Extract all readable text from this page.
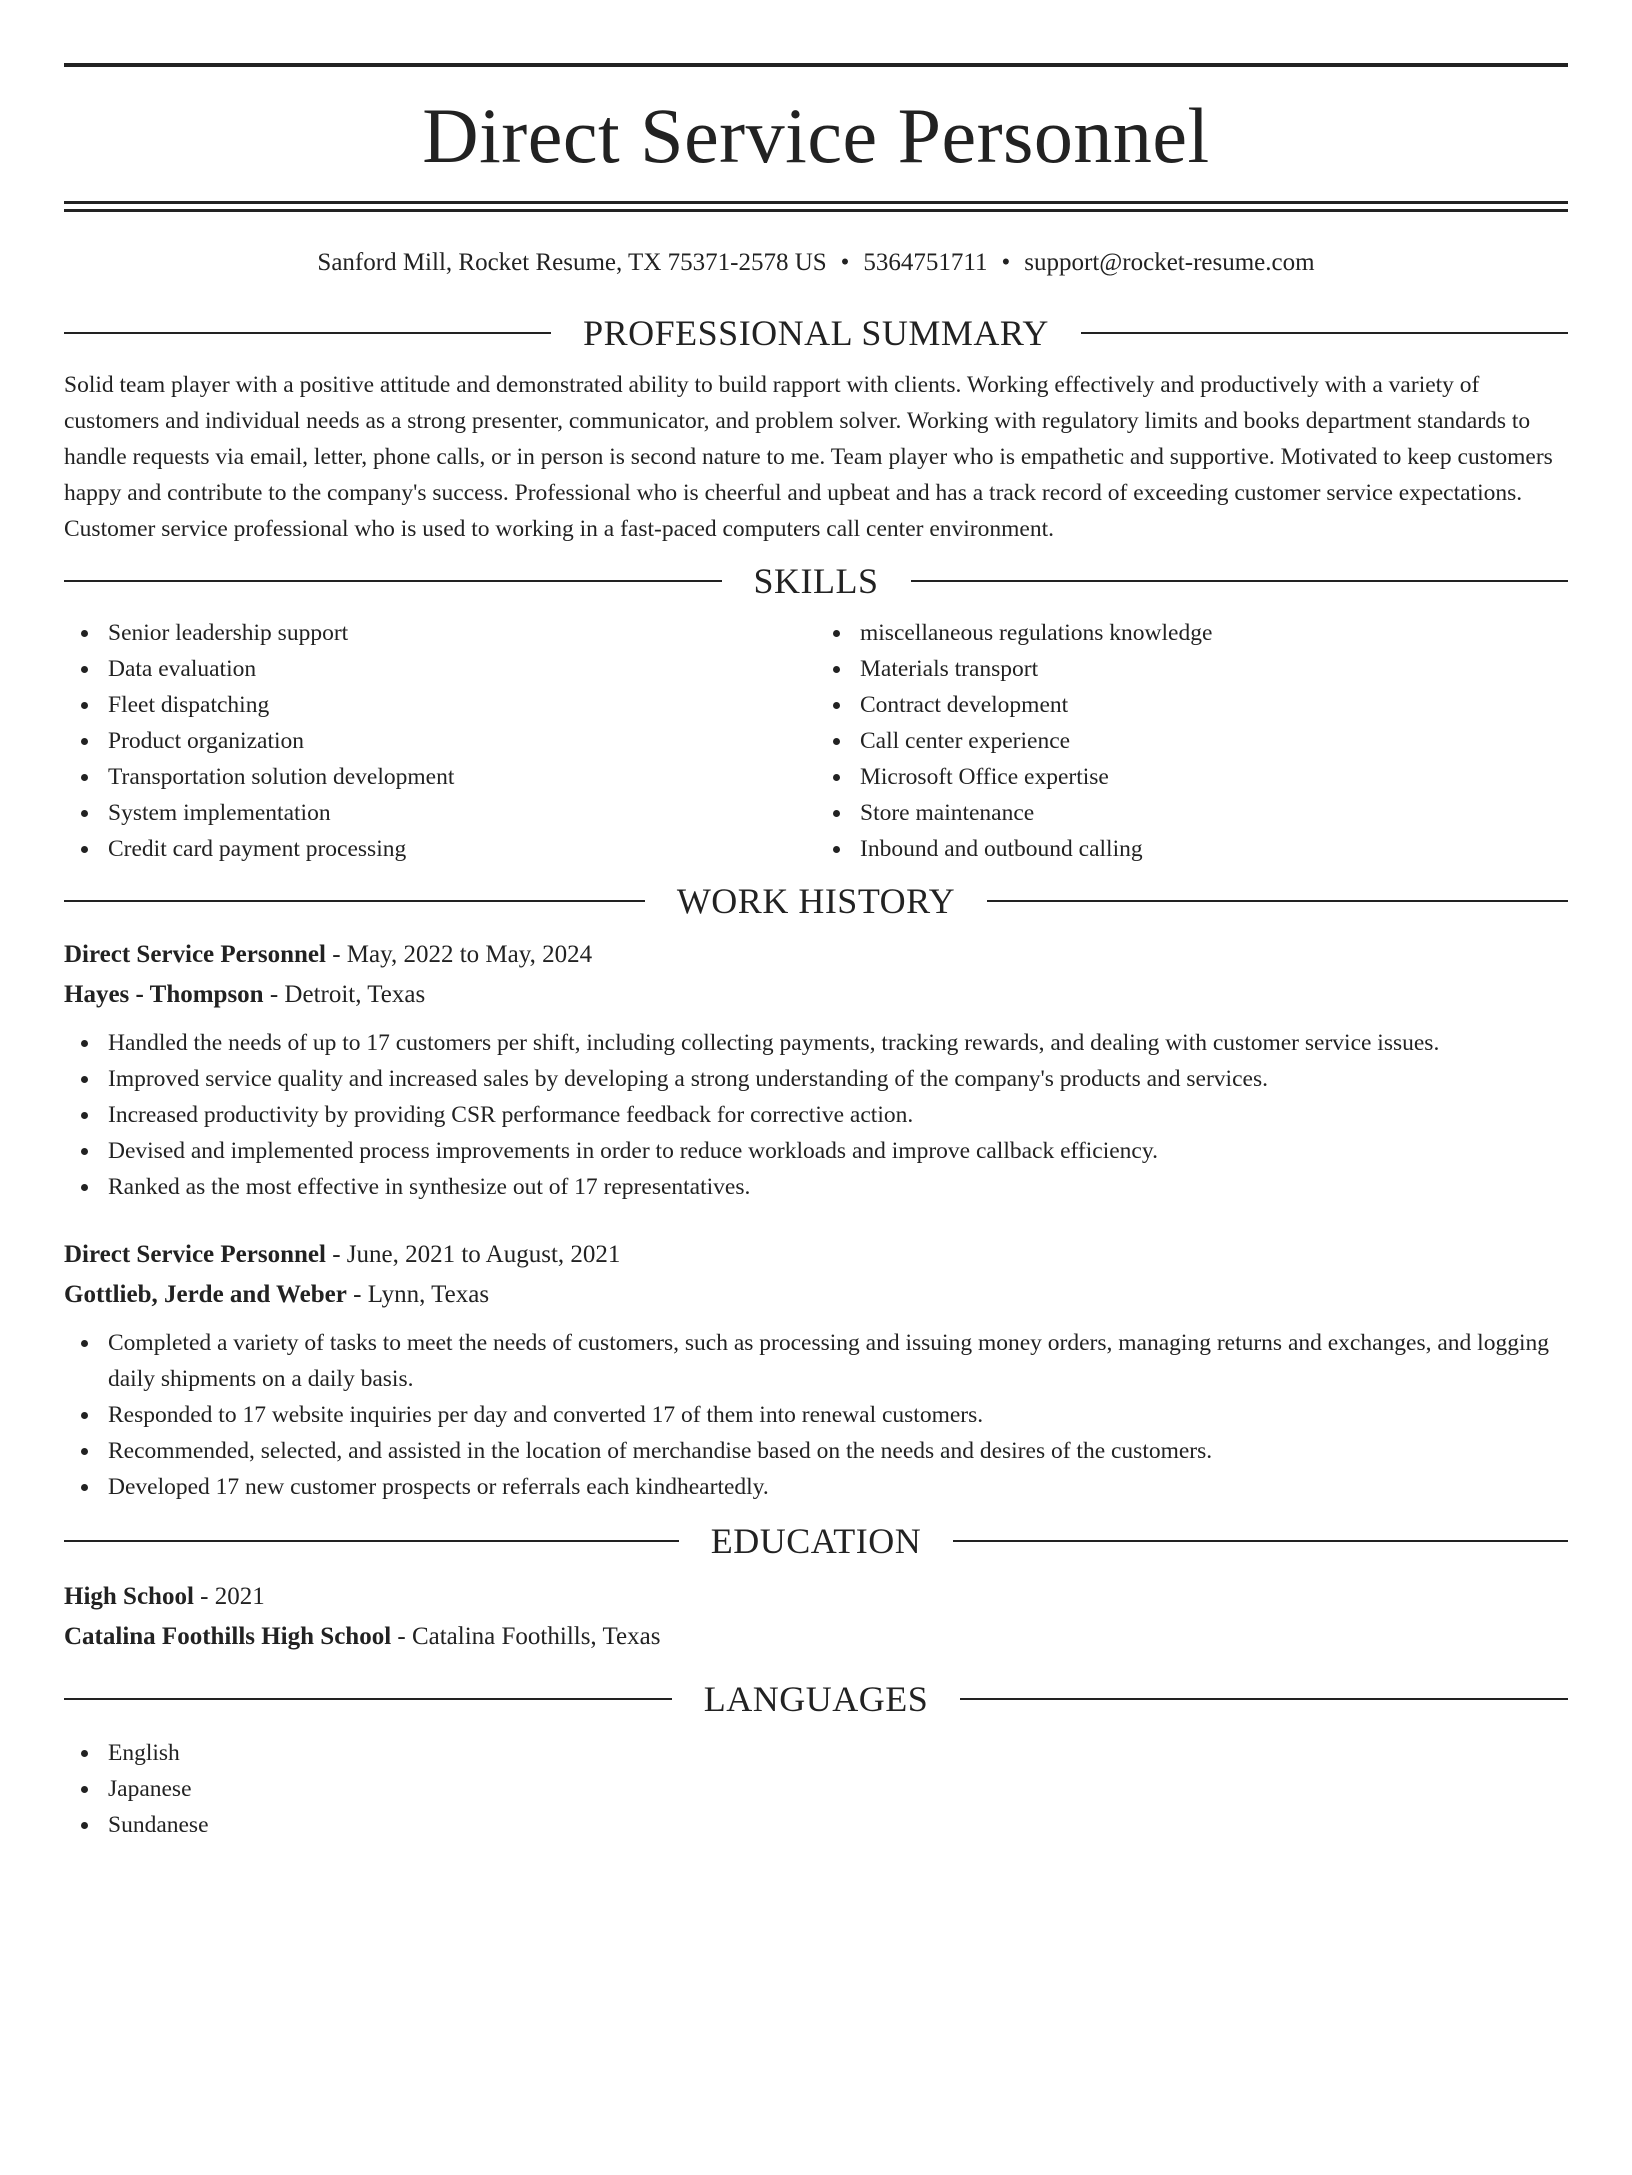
Direct Service Personnel
Sanford Mill, Rocket Resume, TX 75371-2578 US • 5364751711 • support@rocket-resume.com
PROFESSIONAL SUMMARY

Solid team player with a positive attitude and demonstrated ability to build rapport with clients. Working effectively and productively with a variety of customers and individual needs as a strong presenter, communicator, and problem solver. Working with regulatory limits and books department standards to handle requests via email, letter, phone calls, or in person is second nature to me. Team player who is empathetic and supportive. Motivated to keep customers happy and contribute to the company's success. Professional who is cheerful and upbeat and has a track record of exceeding customer service expectations. Customer service professional who is used to working in a fast-paced computers call center environment.

SKILLS
Senior leadership support
Data evaluation
Fleet dispatching
Product organization
Transportation solution development
System implementation
Credit card payment processing
miscellaneous regulations knowledge
Materials transport
Contract development
Call center experience
Microsoft Office expertise
Store maintenance
Inbound and outbound calling
WORK HISTORY
Direct Service Personnel - May, 2022 to May, 2024
Hayes - Thompson - Detroit, Texas
Handled the needs of up to 17 customers per shift, including collecting payments, tracking rewards, and dealing with customer service issues.
Improved service quality and increased sales by developing a strong understanding of the company's products and services.
Increased productivity by providing CSR performance feedback for corrective action.
Devised and implemented process improvements in order to reduce workloads and improve callback efficiency.
Ranked as the most effective in synthesize out of 17 representatives.
Direct Service Personnel - June, 2021 to August, 2021
Gottlieb, Jerde and Weber - Lynn, Texas
Completed a variety of tasks to meet the needs of customers, such as processing and issuing money orders, managing returns and exchanges, and logging daily shipments on a daily basis.
Responded to 17 website inquiries per day and converted 17 of them into renewal customers.
Recommended, selected, and assisted in the location of merchandise based on the needs and desires of the customers.
Developed 17 new customer prospects or referrals each kindheartedly.
EDUCATION
High School - 2021
Catalina Foothills High School - Catalina Foothills, Texas
LANGUAGES
English
Japanese
Sundanese
